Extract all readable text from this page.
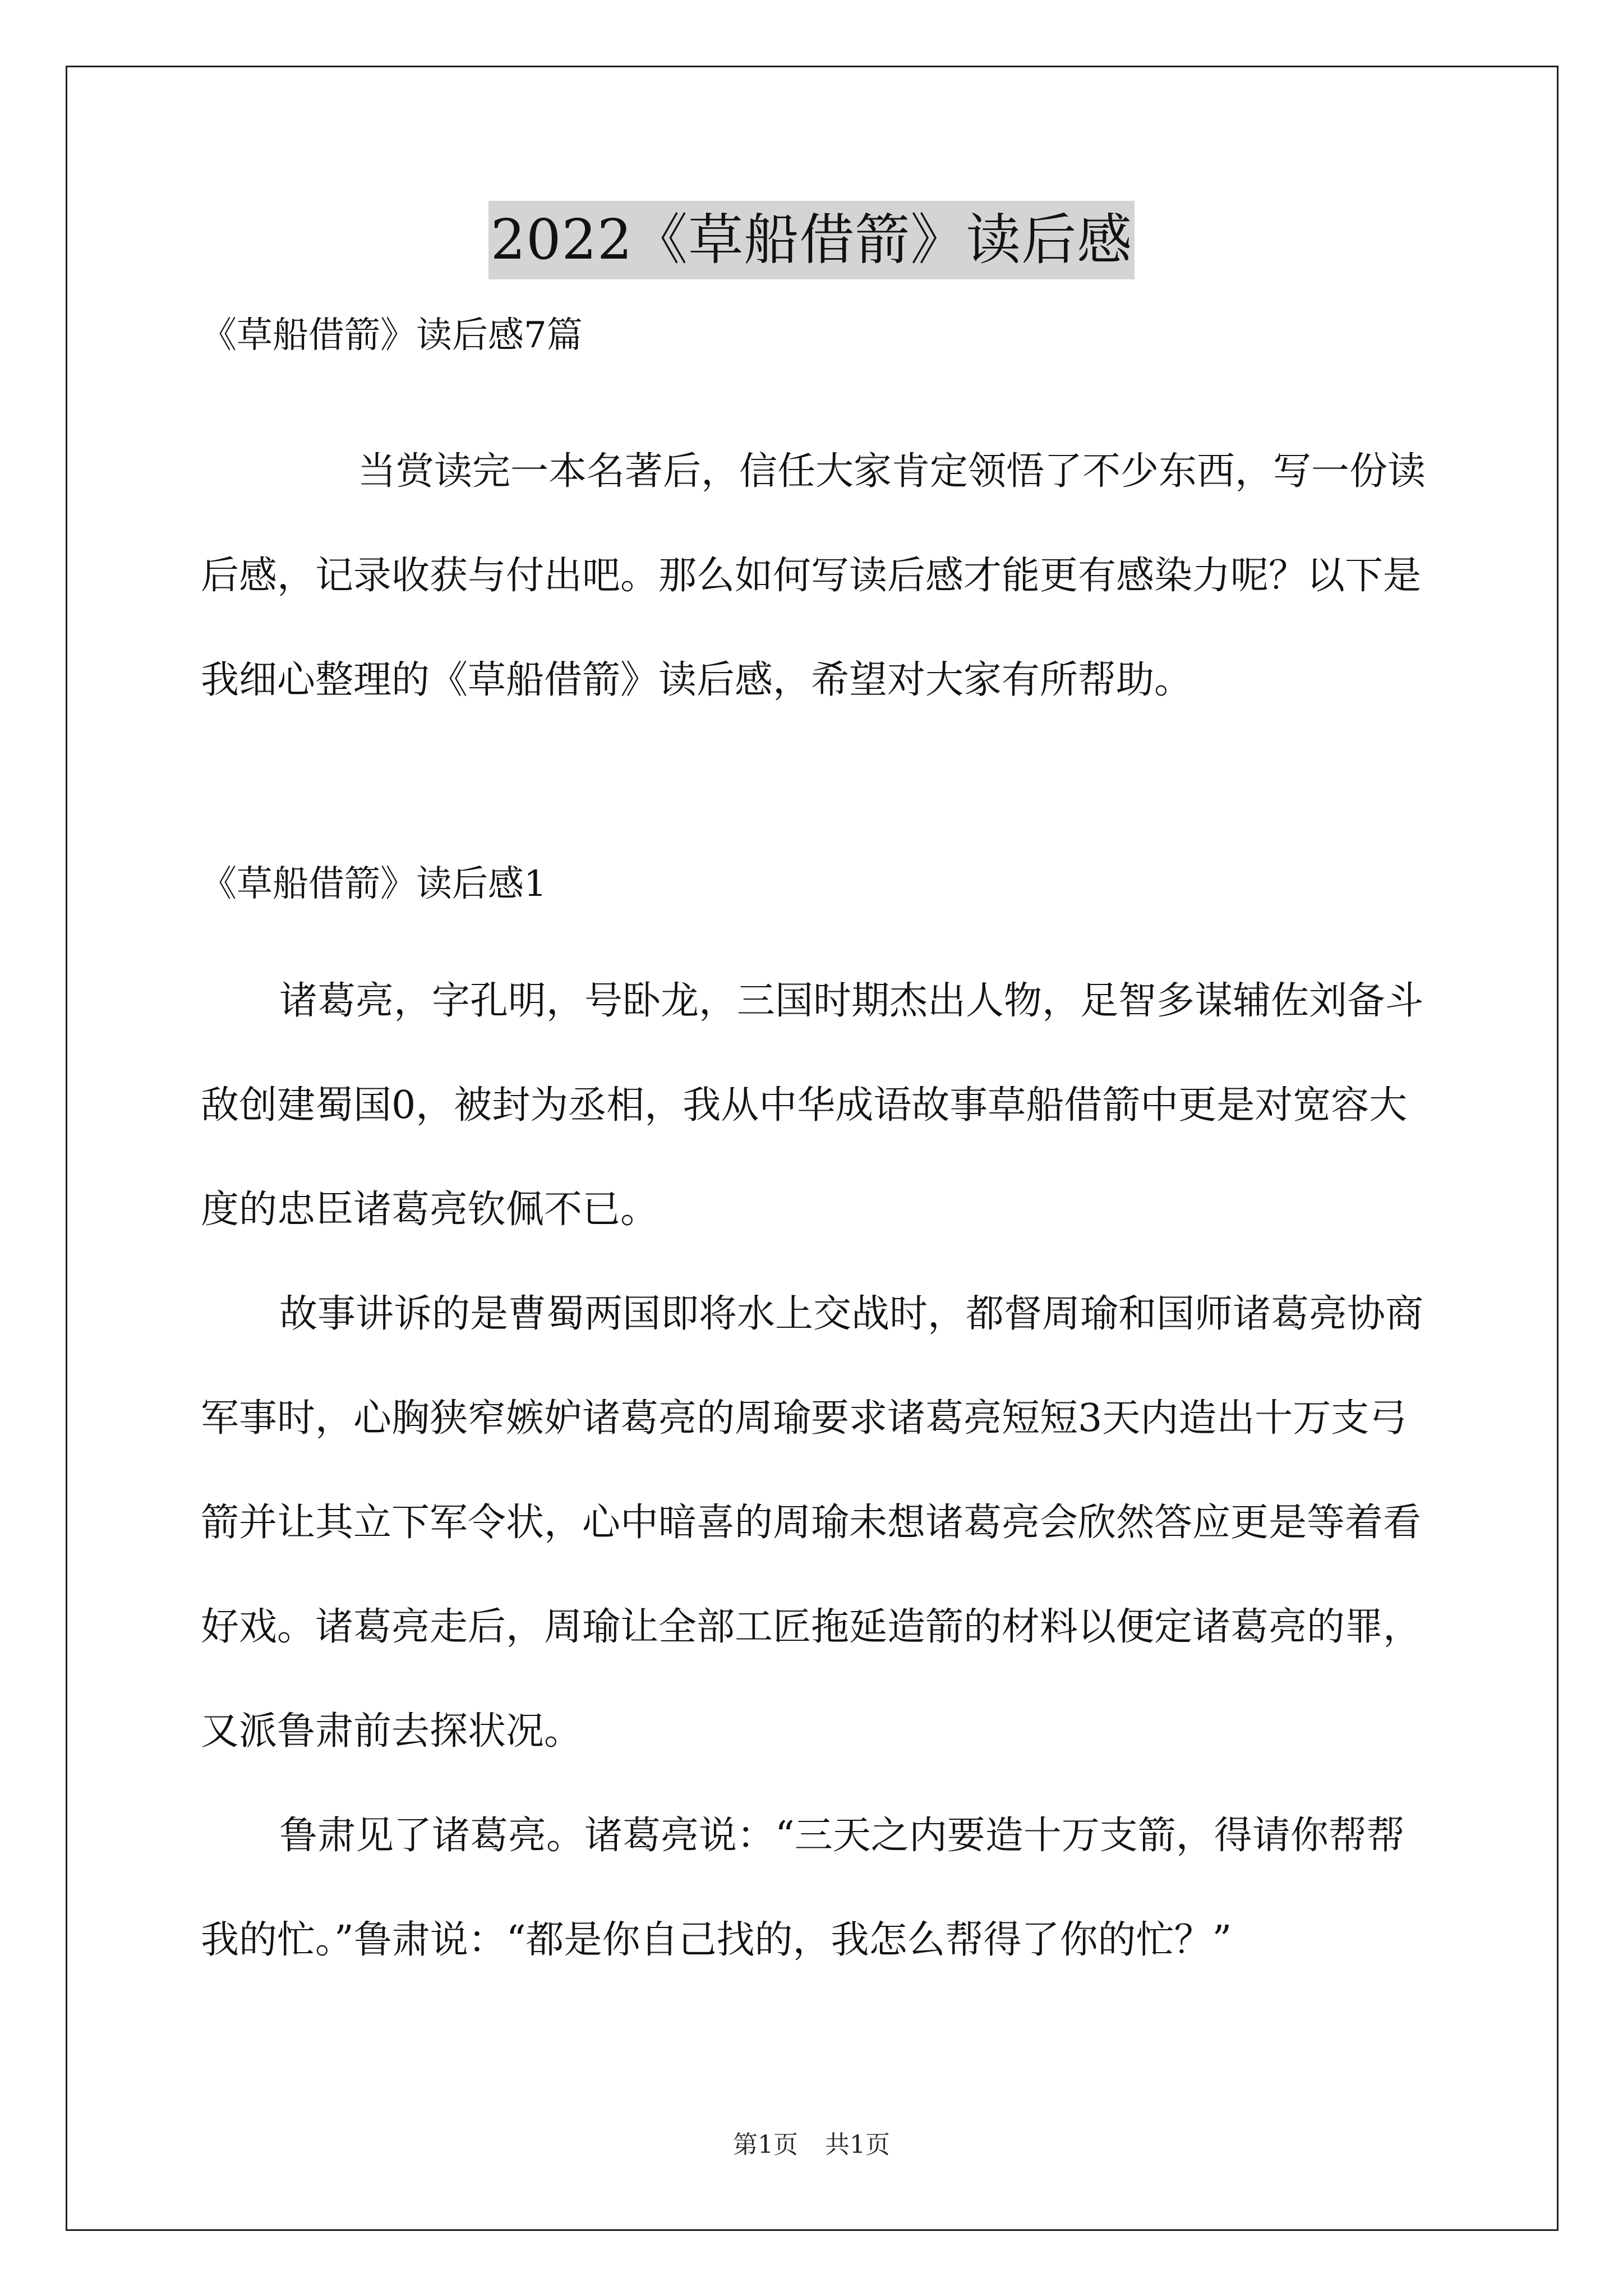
2022《草船借箭》读后感

《草船借箭》读后感7篇

当赏读完一本名著后，信任大家肯定领悟了不少东西，写一份读后感，记录收获与付出吧。那么如何写读后感才能更有感染力呢？以下是我细心整理的《草船借箭》读后感，希望对大家有所帮助。

《草船借箭》读后感1

诸葛亮，字孔明，号卧龙，三国时期杰出人物，足智多谋辅佐刘备斗敌创建蜀国0，被封为丞相，我从中华成语故事草船借箭中更是对宽容大度的忠臣诸葛亮钦佩不已。

故事讲诉的是曹蜀两国即将水上交战时，都督周瑜和国师诸葛亮协商军事时，心胸狭窄嫉妒诸葛亮的周瑜要求诸葛亮短短3天内造出十万支弓箭并让其立下军令状，心中暗喜的周瑜未想诸葛亮会欣然答应更是等着看好戏。诸葛亮走后，周瑜让全部工匠拖延造箭的材料以便定诸葛亮的罪，又派鲁肃前去探状况。

鲁肃见了诸葛亮。诸葛亮说：“三天之内要造十万支箭，得请你帮帮我的忙。”鲁肃说：“都是你自己找的，我怎么帮得了你的忙？”

第1页 共1页
